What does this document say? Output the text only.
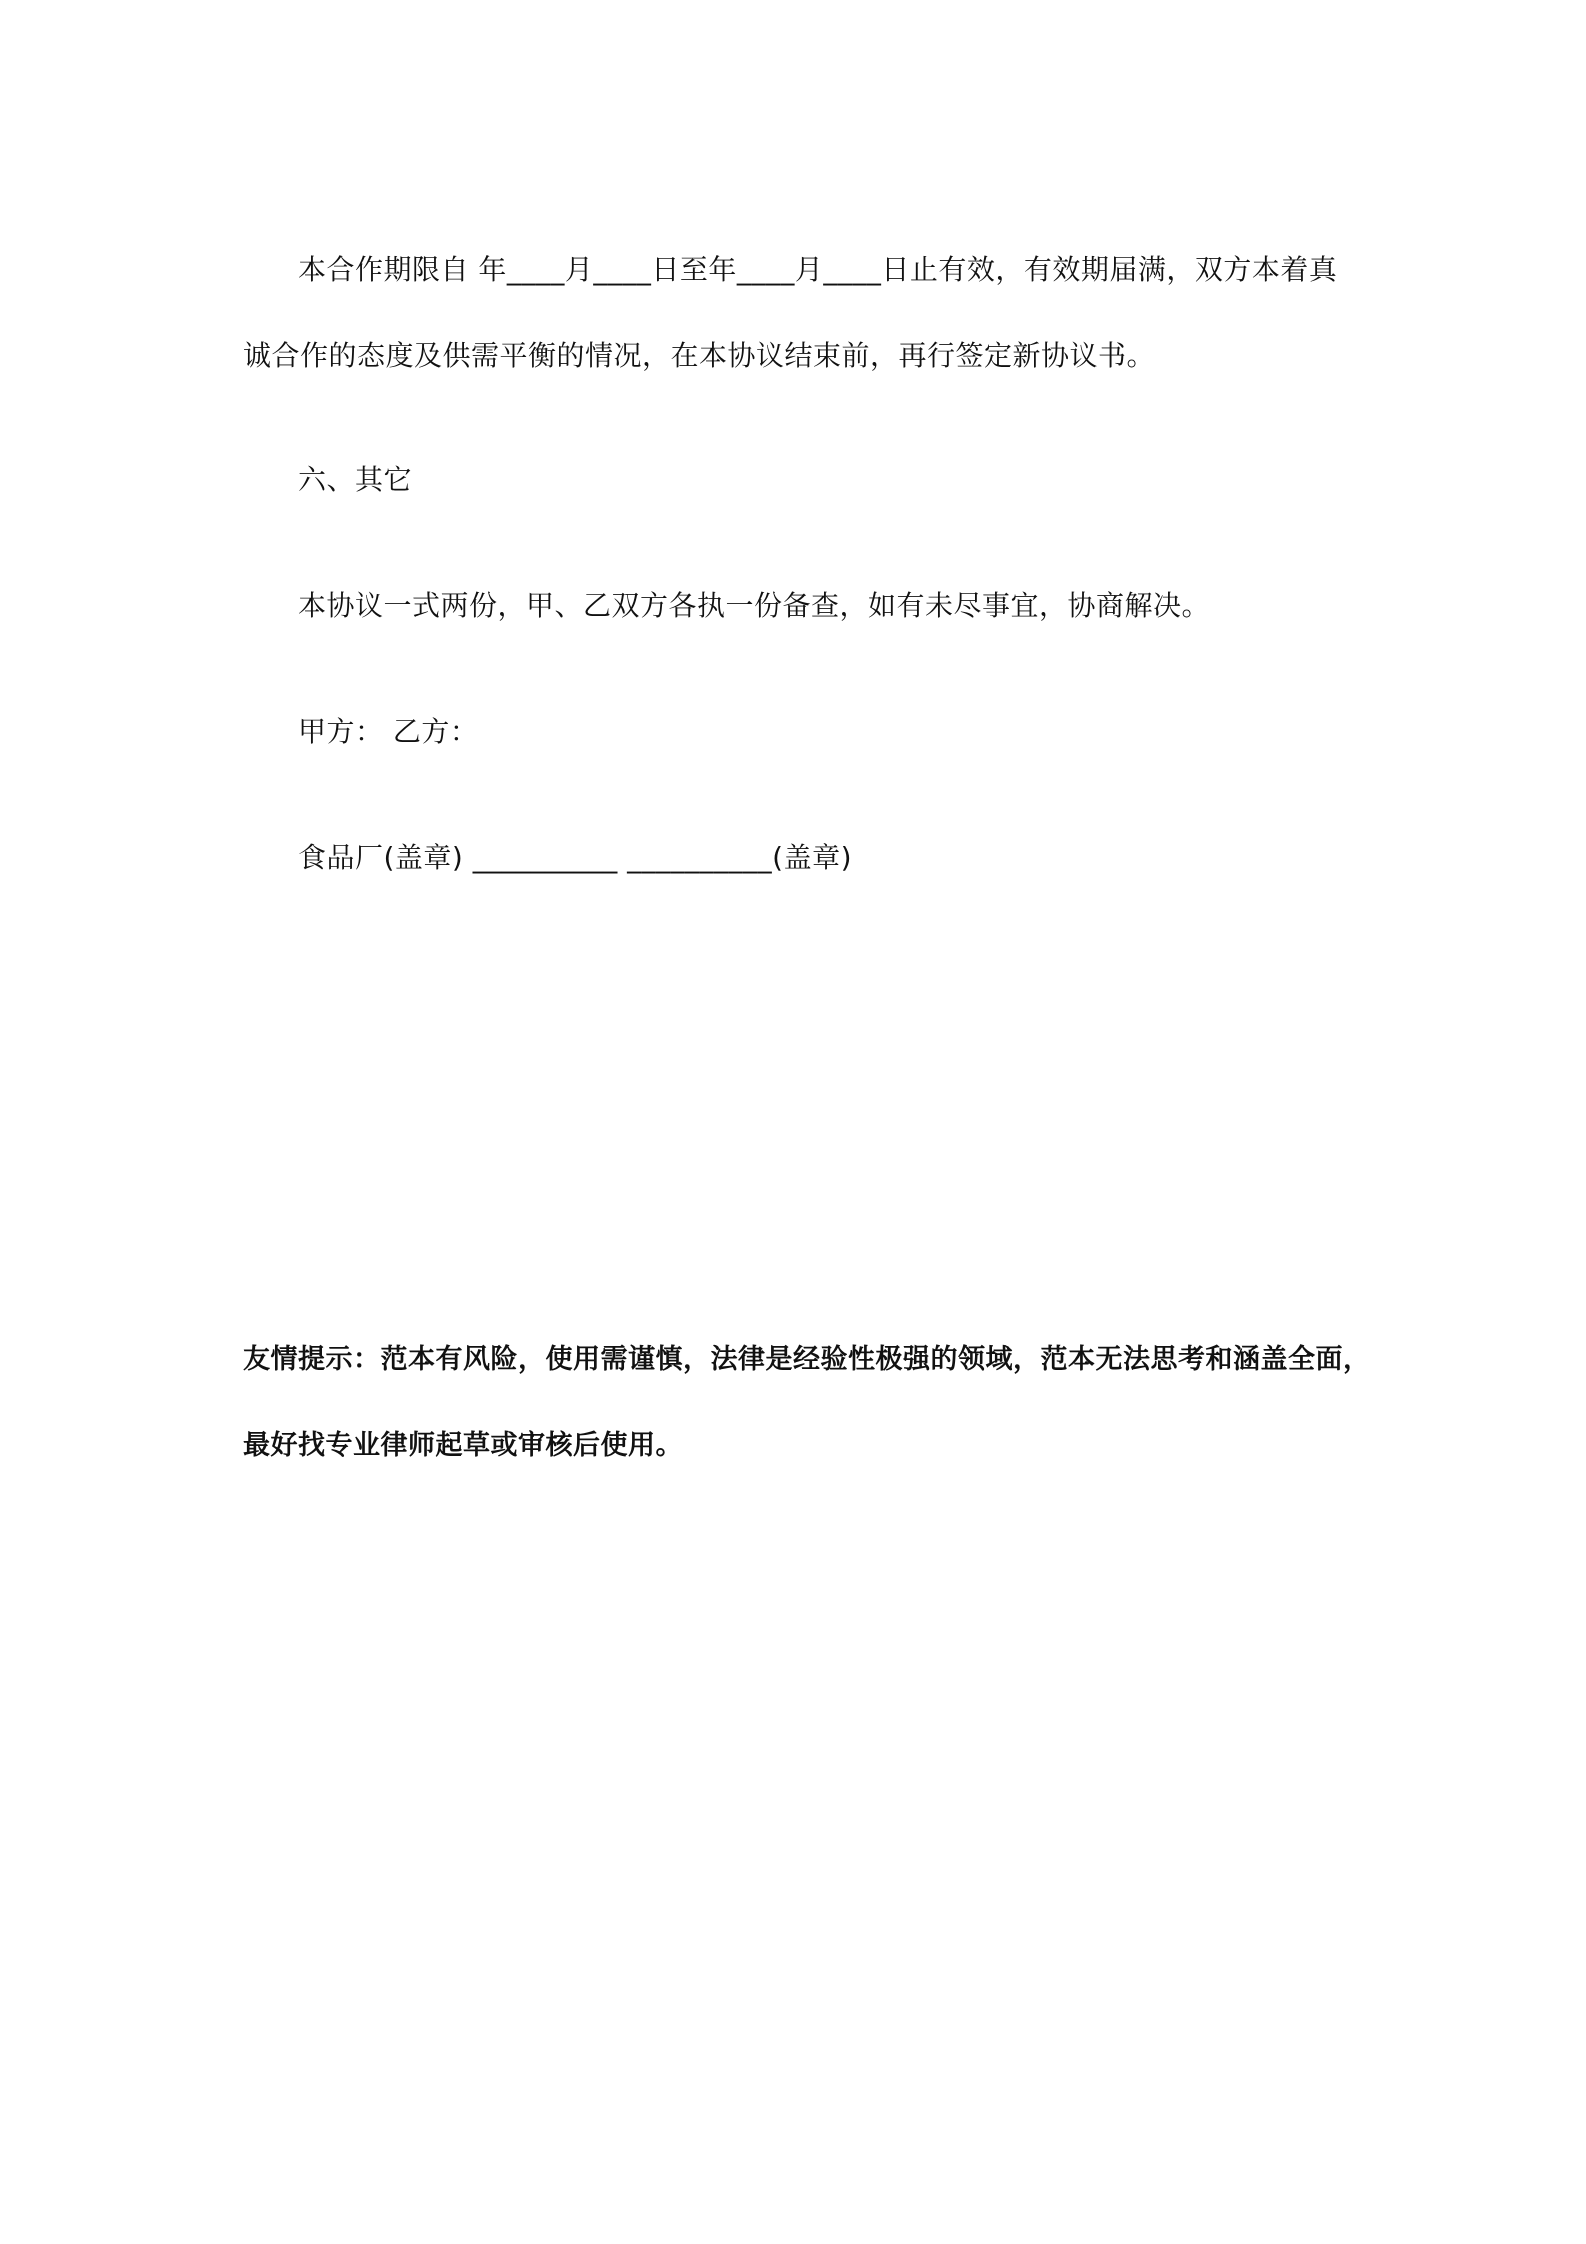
本合作期限自 年____月____日至年____月____日止有效，有效期届满，双方本着真
诚合作的态度及供需平衡的情况，在本协议结束前，再行签定新协议书。
六、其它
本协议一式两份，甲、乙双方各执一份备查，如有未尽事宜，协商解决。
甲方： 乙方：
食品厂(盖章) __________ __________(盖章)
友情提示：范本有风险，使用需谨慎，法律是经验性极强的领域，范本无法思考和涵盖全面，
最好找专业律师起草或审核后使用。
